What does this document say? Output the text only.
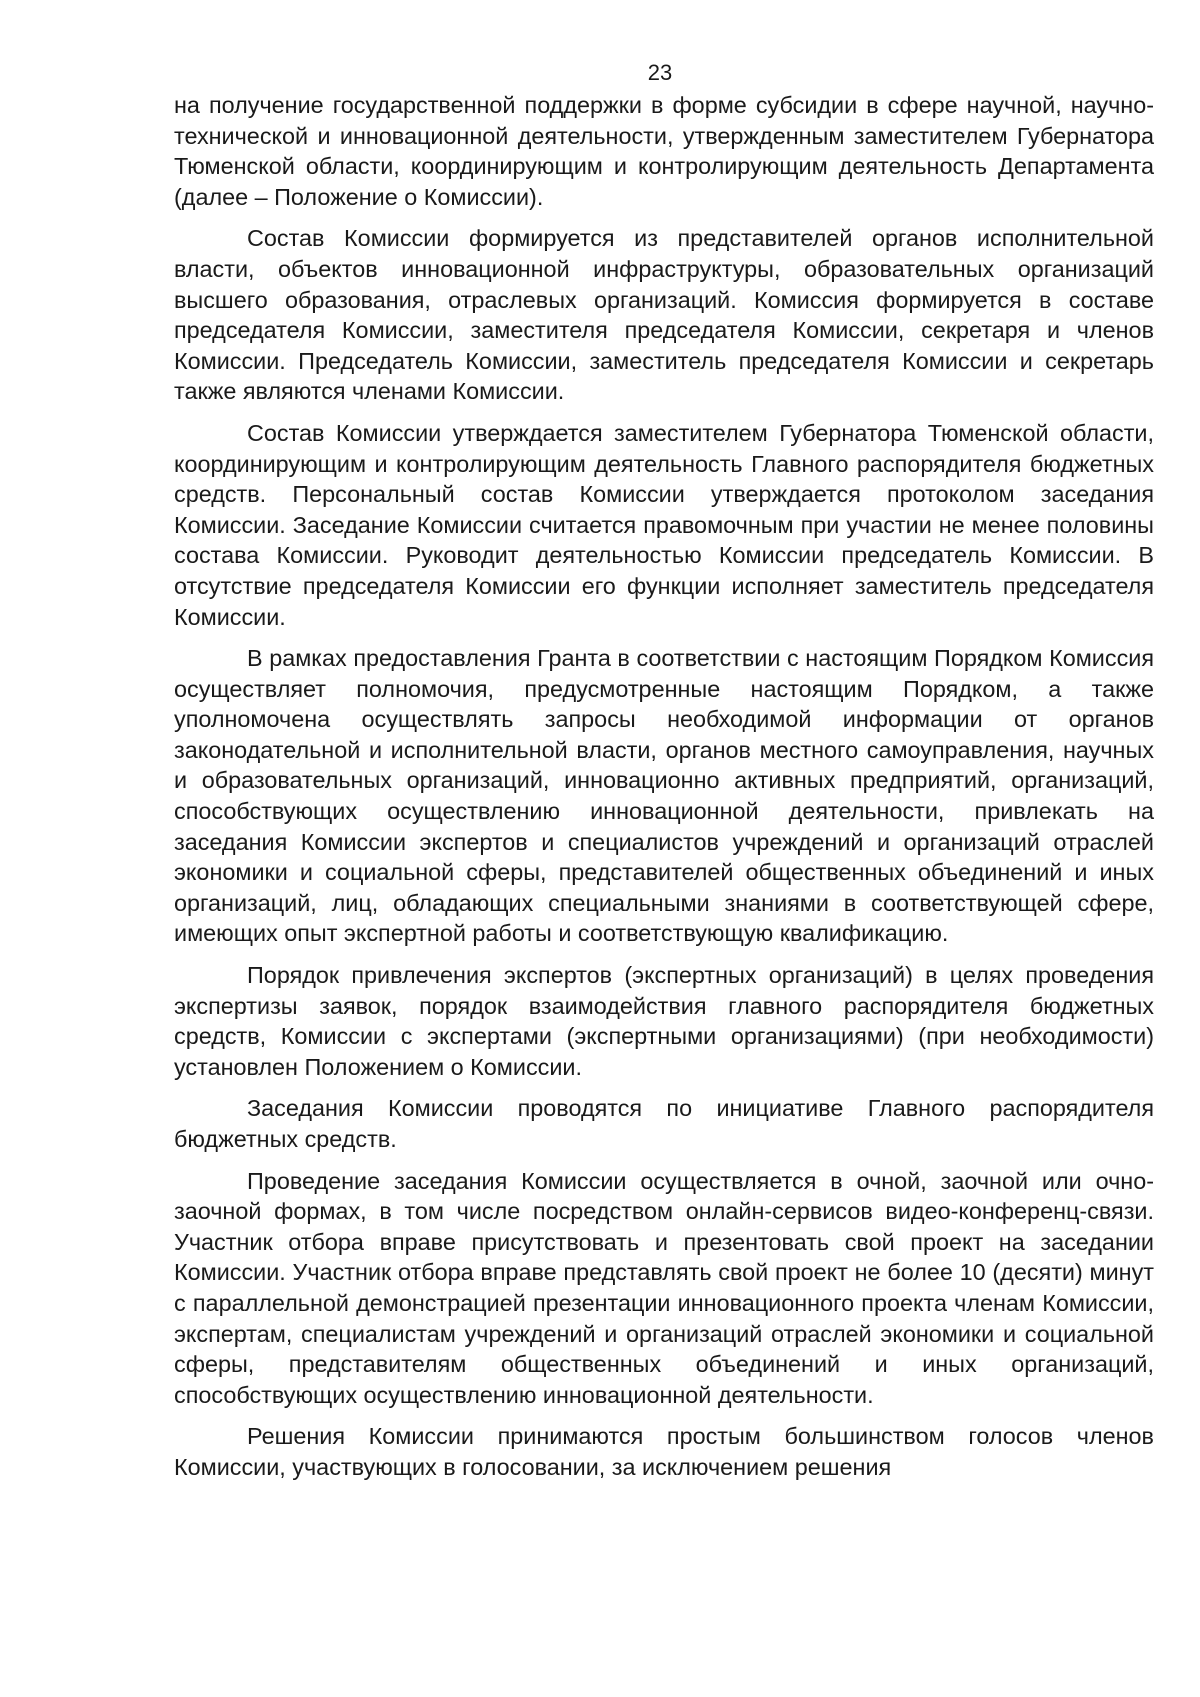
23

на получение государственной поддержки в форме субсидии в сфере научной, научно-технической и инновационной деятельности, утвержденным заместителем Губернатора Тюменской области, координирующим и контролирующим деятельность Департамента (далее – Положение о Комиссии).

Состав Комиссии формируется из представителей органов исполнительной власти, объектов инновационной инфраструктуры, образовательных организаций высшего образования, отраслевых организаций. Комиссия формируется в составе председателя Комиссии, заместителя председателя Комиссии, секретаря и членов Комиссии. Председатель Комиссии, заместитель председателя Комиссии и секретарь также являются членами Комиссии.

Состав Комиссии утверждается заместителем Губернатора Тюменской области, координирующим и контролирующим деятельность Главного распорядителя бюджетных средств. Персональный состав Комиссии утверждается протоколом заседания Комиссии. Заседание Комиссии считается правомочным при участии не менее половины состава Комиссии. Руководит деятельностью Комиссии председатель Комиссии. В отсутствие председателя Комиссии его функции исполняет заместитель председателя Комиссии.

В рамках предоставления Гранта в соответствии с настоящим Порядком Комиссия осуществляет полномочия, предусмотренные настоящим Порядком, а также уполномочена осуществлять запросы необходимой информации от органов законодательной и исполнительной власти, органов местного самоуправления, научных и образовательных организаций, инновационно активных предприятий, организаций, способствующих осуществлению инновационной деятельности, привлекать на заседания Комиссии экспертов и специалистов учреждений и организаций отраслей экономики и социальной сферы, представителей общественных объединений и иных организаций, лиц, обладающих специальными знаниями в соответствующей сфере, имеющих опыт экспертной работы и соответствующую квалификацию.

Порядок привлечения экспертов (экспертных организаций) в целях проведения экспертизы заявок, порядок взаимодействия главного распорядителя бюджетных средств, Комиссии с экспертами (экспертными организациями) (при необходимости) установлен Положением о Комиссии.

Заседания Комиссии проводятся по инициативе Главного распорядителя бюджетных средств.

Проведение заседания Комиссии осуществляется в очной, заочной или очно-заочной формах, в том числе посредством онлайн-сервисов видео-конференц-связи. Участник отбора вправе присутствовать и презентовать свой проект на заседании Комиссии. Участник отбора вправе представлять свой проект не более 10 (десяти) минут с параллельной демонстрацией презентации инновационного проекта членам Комиссии, экспертам, специалистам учреждений и организаций отраслей экономики и социальной сферы, представителям общественных объединений и иных организаций, способствующих осуществлению инновационной деятельности.

Решения Комиссии принимаются простым большинством голосов членов Комиссии, участвующих в голосовании, за исключением решения
